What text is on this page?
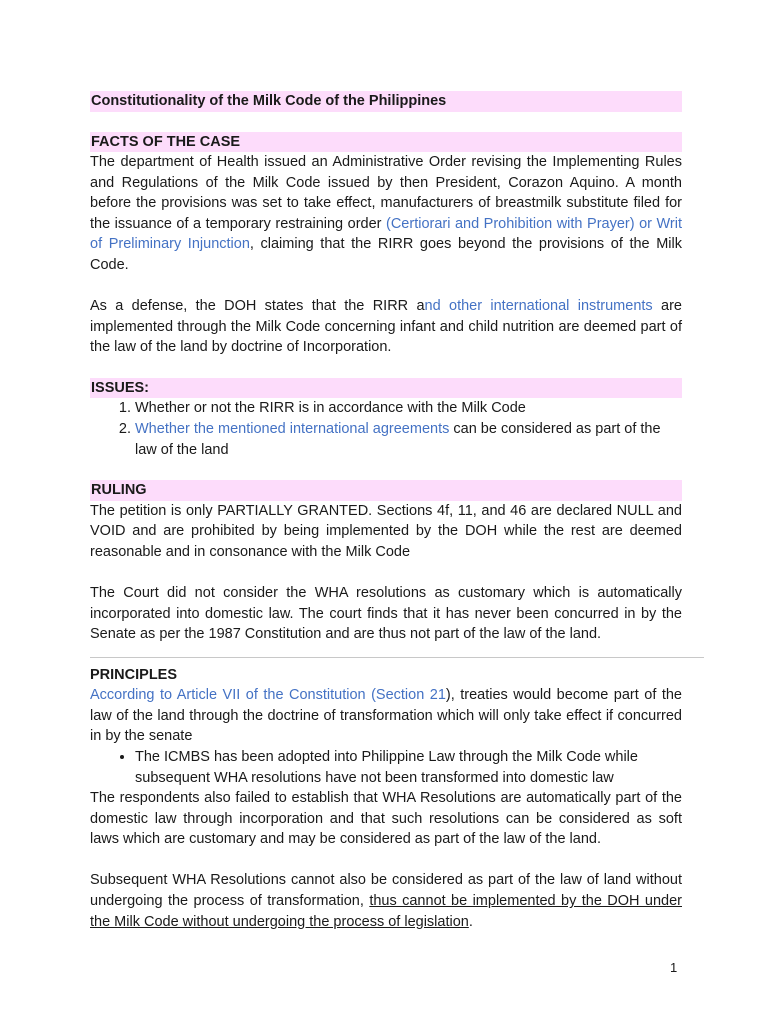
Constitutionality of the Milk Code of the Philippines
FACTS OF THE CASE

The department of Health issued an Administrative Order revising the Implementing Rules and Regulations of the Milk Code issued by then President, Corazon Aquino. A month before the provisions was set to take effect, manufacturers of breastmilk substitute filed for the issuance of a temporary restraining order (Certiorari and Prohibition with Prayer) or Writ of Preliminary Injunction, claiming that the RIRR goes beyond the provisions of the Milk Code.

As a defense, the DOH states that the RIRR and other international instruments are implemented through the Milk Code concerning infant and child nutrition are deemed part of the law of the land by doctrine of Incorporation.

ISSUES:
1. Whether or not the RIRR is in accordance with the Milk Code
2. Whether the mentioned international agreements can be considered as part of the law of the land
RULING

The petition is only PARTIALLY GRANTED. Sections 4f, 11, and 46 are declared NULL and VOID and are prohibited by being implemented by the DOH while the rest are deemed reasonable and in consonance with the Milk Code

The Court did not consider the WHA resolutions as customary which is automatically incorporated into domestic law. The court finds that it has never been concurred in by the Senate as per the 1987 Constitution and are thus not part of the law of the land.

PRINCIPLES

According to Article VII of the Constitution (Section 21), treaties would become part of the law of the land through the doctrine of transformation which will only take effect if concurred in by the senate

• The ICMBS has been adopted into Philippine Law through the Milk Code while subsequent WHA resolutions have not been transformed into domestic law

The respondents also failed to establish that WHA Resolutions are automatically part of the domestic law through incorporation and that such resolutions can be considered as soft laws which are customary and may be considered as part of the law of the land.

Subsequent WHA Resolutions cannot also be considered as part of the law of land without undergoing the process of transformation, thus cannot be implemented by the DOH under the Milk Code without undergoing the process of legislation.

1
